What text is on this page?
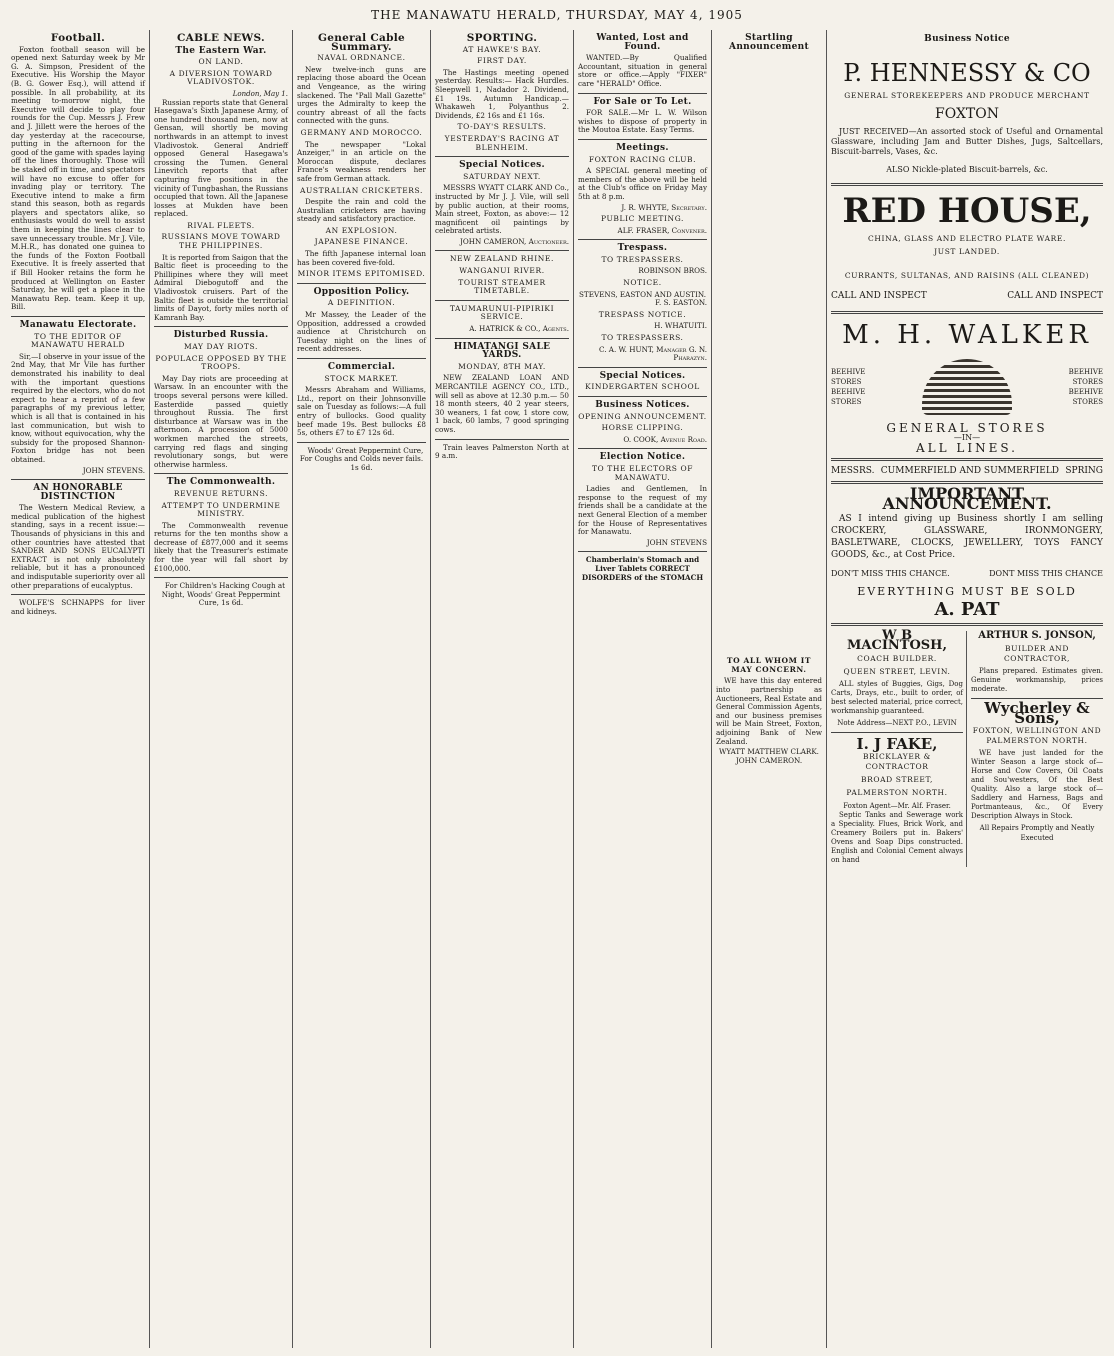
THE MANAWATU HERALD, THURSDAY, MAY 4, 1905
Football.

Foxton football season will be opened next Saturday week by Mr G. A. Simpson, President of the Executive. His Worship the Mayor (B. G. Gower Esq.), will attend if possible. In all probability, at its meeting to-morrow night, the Executive will decide to play four rounds for the Cup. Messrs J. Frew and J. Jillett were the heroes of the day yesterday at the racecourse, putting in the afternoon for the good of the game with spades laying off the lines thoroughly. Those will be staked off in time, and spectators will have no excuse to offer for invading play or territory. The Executive intend to make a firm stand this season, both as regards players and spectators alike, so enthusiasts would do well to assist them in keeping the lines clear to save unnecessary trouble. Mr J. Vile, M.H.R., has donated one guinea to the funds of the Foxton Football Executive. It is freely asserted that if Bill Hooker retains the form he produced at Wellington on Easter Saturday, he will get a place in the Manawatu Rep. team. Keep it up, Bill.

Manawatu Electorate.
TO THE EDITOR OF MANAWATU HERALD

Sir,—I observe in your issue of the 2nd May, that Mr Vile has further demonstrated his inability to deal with the important questions required by the electors, who do not expect to hear a reprint of a few paragraphs of my previous letter, which is all that is contained in his last communication, but wish to know, without equivocation, why the subsidy for the proposed Shannon-Foxton bridge has not been obtained.

JOHN STEVENS.
AN HONORABLE DISTINCTION

The Western Medical Review, a medical publication of the highest standing, says in a recent issue:—Thousands of physicians in this and other countries have attested that SANDER AND SONS EUCALYPTI EXTRACT is not only absolutely reliable, but it has a pronounced and indisputable superiority over all other preparations of eucalyptus.

WOLFE'S SCHNAPPS for liver and kidneys.

CABLE NEWS.
The Eastern War.
ON LAND.
A DIVERSION TOWARD VLADIVOSTOK.
London, May 1.

Russian reports state that General Hasegawa's Sixth Japanese Army, of one hundred thousand men, now at Gensan, will shortly be moving northwards in an attempt to invest Vladivostok. General Andrieff opposed General Hasegawa's crossing the Tumen. General Linevitch reports that after capturing five positions in the vicinity of Tungbashan, the Russians occupied that town. All the Japanese losses at Mukden have been replaced.

RIVAL FLEETS.
RUSSIANS MOVE TOWARD THE PHILIPPINES.

It is reported from Saigon that the Baltic fleet is proceeding to the Phillipines where they will meet Admiral Diebogutoff and the Vladivostok cruisers. Part of the Baltic fleet is outside the territorial limits of Dayot, forty miles north of Kamranh Bay.

Disturbed Russia.
MAY DAY RIOTS.
POPULACE OPPOSED BY THE TROOPS.

May Day riots are proceeding at Warsaw. In an encounter with the troops several persons were killed. Easterdide passed quietly throughout Russia. The first disturbance at Warsaw was in the afternoon. A procession of 5000 workmen marched the streets, carrying red flags and singing revolutionary songs, but were otherwise harmless.

The Commonwealth.
REVENUE RETURNS.
ATTEMPT TO UNDERMINE MINISTRY.

The Commonwealth revenue returns for the ten months show a decrease of £877,000 and it seems likely that the Treasurer's estimate for the year will fall short by £100,000.

For Children's Hacking Cough at Night, Woods' Great Peppermint Cure, 1s 6d.

General Cable Summary.
NAVAL ORDNANCE.

New twelve-inch guns are replacing those aboard the Ocean and Vengeance, as the wiring slackened. The "Pall Mall Gazette" urges the Admiralty to keep the country abreast of all the facts connected with the guns.

GERMANY AND MOROCCO.

The newspaper "Lokal Anzeiger," in an article on the Moroccan dispute, declares France's weakness renders her safe from German attack.

AUSTRALIAN CRICKETERS.

Despite the rain and cold the Australian cricketers are having steady and satisfactory practice.

AN EXPLOSION.
JAPANESE FINANCE.

The fifth Japanese internal loan has been covered five-fold.

MINOR ITEMS EPITOMISED.
Opposition Policy.
A DEFINITION.

Mr Massey, the Leader of the Opposition, addressed a crowded audience at Christchurch on Tuesday night on the lines of recent addresses.

Commercial.
STOCK MARKET.

Messrs Abraham and Williams, Ltd., report on their Johnsonville sale on Tuesday as follows:—A full entry of bullocks. Good quality beef made 19s. Best bullocks £8 5s, others £7 to £7 12s 6d.

Woods' Great Peppermint Cure, For Coughs and Colds never fails. 1s 6d.

SPORTING.
AT HAWKE'S BAY.
FIRST DAY.

The Hastings meeting opened yesterday. Results:— Hack Hurdles. Sleepwell 1, Nadador 2. Dividend, £1 19s. Autumn Handicap.—Whakaweh 1, Polyanthus 2. Dividends, £2 16s and £1 16s.

TO-DAY'S RESULTS.
YESTERDAY'S RACING AT BLENHEIM.
Special Notices.
SATURDAY NEXT.

MESSRS WYATT CLARK AND Co., instructed by Mr J. J. Vile, will sell by public auction, at their rooms, Main street, Foxton, as above:— 12 magnificent oil paintings by celebrated artists.

JOHN CAMERON, Auctioneer.
NEW ZEALAND RHINE.
WANGANUI RIVER.
TOURIST STEAMER TIMETABLE.
TAUMARUNUI-PIPIRIKI SERVICE.
A. HATRICK & CO., Agents.
HIMATANGI SALE YARDS.
MONDAY, 8TH MAY.

NEW ZEALAND LOAN AND MERCANTILE AGENCY CO., LTD., will sell as above at 12.30 p.m.— 50 18 month steers, 40 2 year steers, 30 weaners, 1 fat cow, 1 store cow, 1 back, 60 lambs, 7 good springing cows.

Train leaves Palmerston North at 9 a.m.

Wanted, Lost and Found.

WANTED.—By Qualified Accountant, situation in general store or office.—Apply "FIXER" care "HERALD" Office.

For Sale or To Let.

FOR SALE.—Mr L. W. Wilson wishes to dispose of property in the Moutoa Estate. Easy Terms.

Meetings.
FOXTON RACING CLUB.

A SPECIAL general meeting of members of the above will be held at the Club's office on Friday May 5th at 8 p.m.

J. R. WHYTE, Secretary.
PUBLIC MEETING.
ALF. FRASER, Convener.
Trespass.
TO TRESPASSERS.
ROBINSON BROS.
NOTICE.
STEVENS, EASTON AND AUSTIN.
F. S. EASTON.
TRESPASS NOTICE.
H. WHATUITI.
TO TRESPASSERS.
C. A. W. HUNT, Manager G. N. Pharazyn.
Special Notices.
KINDERGARTEN SCHOOL
Business Notices.
OPENING ANNOUNCEMENT.
HORSE CLIPPING.
O. COOK, Avenue Road.
Election Notice.
TO THE ELECTORS OF MANAWATU.

Ladies and Gentlemen, In response to the request of my friends shall be a candidate at the next General Election of a member for the House of Representatives for Manawatu.

JOHN STEVENS
Chamberlain's Stomach and Liver Tablets CORRECT DISORDERS of the STOMACH
Startling Announcement
TO ALL WHOM IT MAY CONCERN.

WE have this day entered into partnership as Auctioneers, Real Estate and General Commission Agents, and our business premises will be Main Street, Foxton, adjoining Bank of New Zealand.

WYATT MATTHEW CLARK. JOHN CAMERON.
Business Notice
P. HENNESSY & CO
GENERAL STOREKEEPERS AND PRODUCE MERCHANT
FOXTON

JUST RECEIVED—An assorted stock of Useful and Ornamental Glassware, including Jam and Butter Dishes, Jugs, Saltcellars, Biscuit-barrels, Vases, &c.

ALSO Nickle-plated Biscuit-barrels, &c.
RED HOUSE,
CHINA, GLASS AND ELECTRO PLATE WARE.
JUST LANDED.
CURRANTS, SULTANAS, AND RAISINS (ALL CLEANED)
CALL AND INSPECT	CALL AND INSPECT
M. H. WALKER
BEEHIVE STORES BEEHIVE STORES
BEEHIVE STORES BEEHIVE STORES
GENERAL STORES
—IN—
ALL LINES.
MESSRS. CUMMERFIELD AND SUMMERFIELD SPRING
IMPORTANT ANNOUNCEMENT.

AS I intend giving up Business shortly I am selling CROCKERY, GLASSWARE, IRONMONGERY, BASLETWARE, CLOCKS, JEWELLERY, TOYS FANCY GOODS, &c., at Cost Price.

DON'T MISS THIS CHANCE.	DONT MISS THIS CHANCE
EVERYTHING MUST BE SOLD
A. PAT
W B MACINTOSH,
COACH BUILDER.
QUEEN STREET, LEVIN.

ALL styles of Buggies, Gigs, Dog Carts, Drays, etc., built to order, of best selected material, price correct, workmanship guaranteed.

Note Address—NEXT P.O., LEVIN
I. J FAKE,
BRICKLAYER & CONTRACTOR
BROAD STREET,
PALMERSTON NORTH.
Foxton Agent—Mr. Alf. Fraser.

Septic Tanks and Sewerage work a Speciality. Flues, Brick Work, and Creamery Boilers put in. Bakers' Ovens and Soap Dips constructed. English and Colonial Cement always on hand

ARTHUR S. JONSON,
BUILDER AND CONTRACTOR,

Plans prepared. Estimates given. Genuine workmanship, prices moderate.

Wycherley & Sons,
FOXTON, WELLINGTON AND PALMERSTON NORTH.

WE have just landed for the Winter Season a large stock of— Horse and Cow Covers, Oil Coats and Sou'westers, Of the Best Quality. Also a large stock of— Saddlery and Harness, Bags and Portmanteaus, &c., Of Every Description Always in Stock.

All Repairs Promptly and Neatly Executed
